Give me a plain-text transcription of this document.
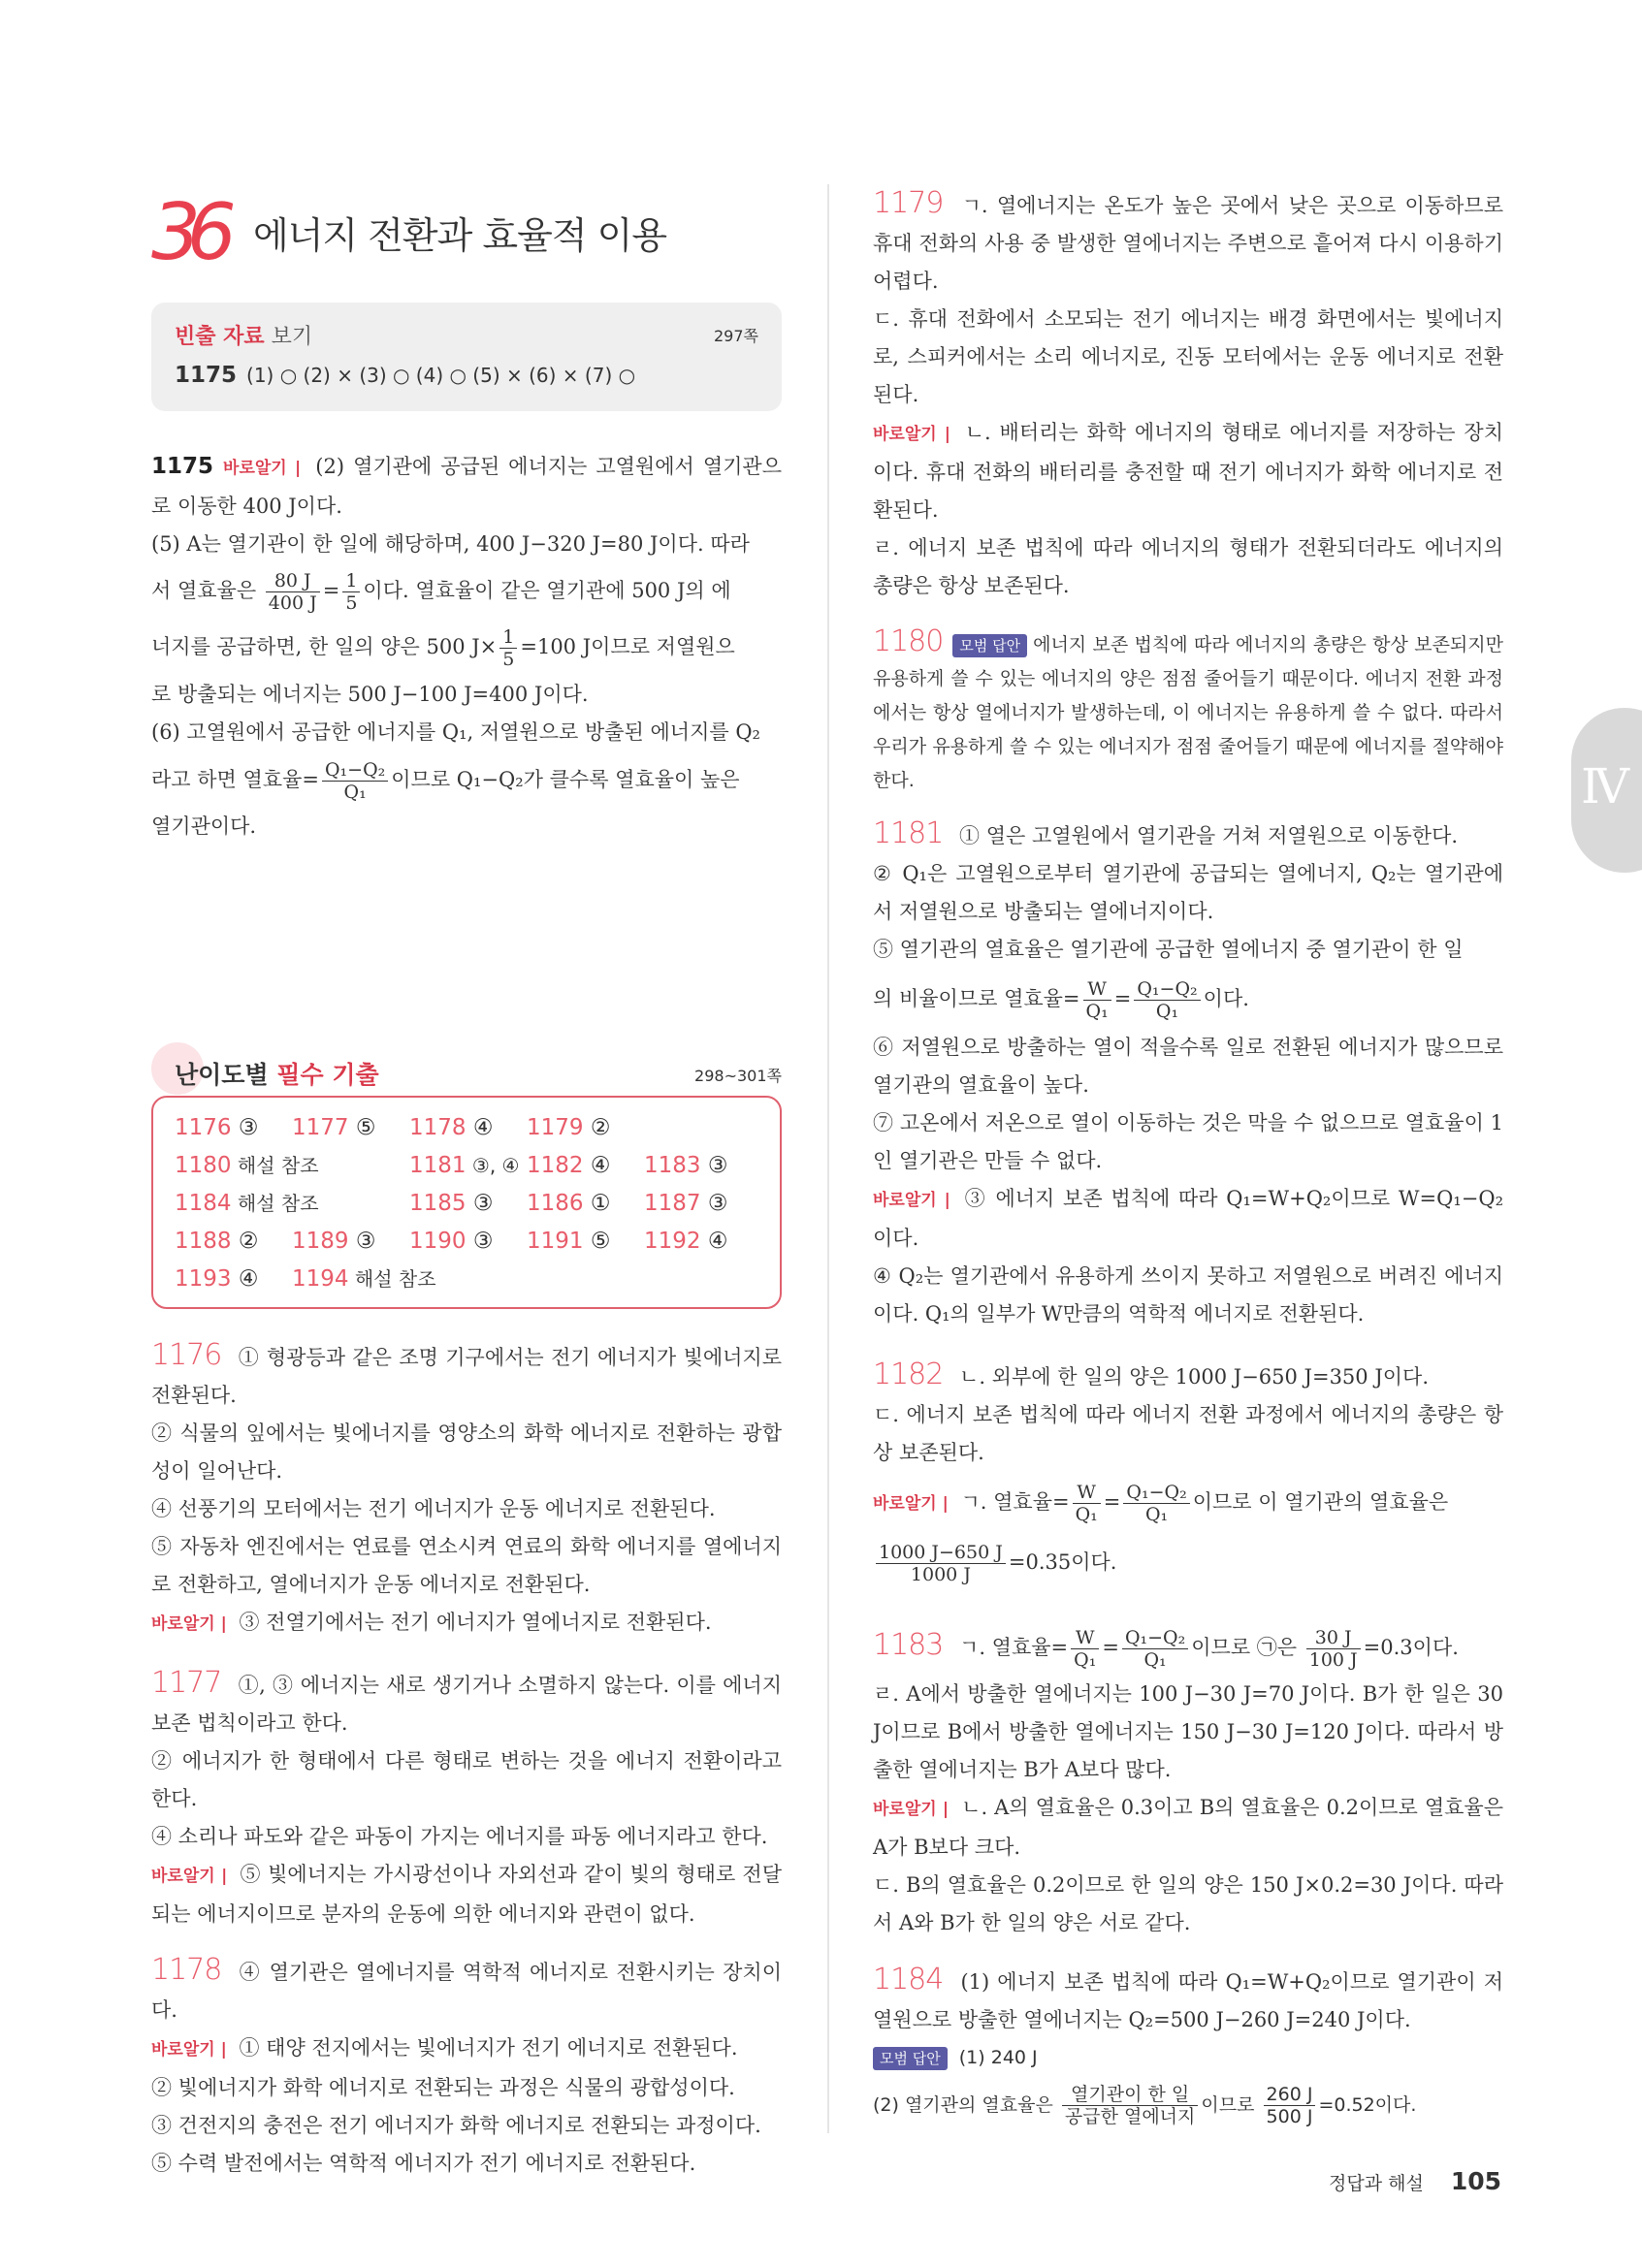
36 에너지 전환과 효율적 이용
빈출 자료 보기	297쪽
1175 (1) ○ (2) × (3) ○ (4) ○ (5) × (6) × (7) ○

1175 바로알기 | (2) 열기관에 공급된 에너지는 고열원에서 열기관으로 이동한 400 J이다.

(5) A는 열기관이 한 일에 해당하며, 400 J−320 J=80 J이다. 따라

서 열효율은 $\frac{80 J}{400 J} = \frac{1}{5}$ 이다. 열효율이 같은 열기관에 500 J의 에

너지를 공급하면, 한 일의 양은 500 $J\times \frac{1}{5} =100$ J이므로 저열원으

로 방출되는 에너지는 500 J−100 J=400 J이다.

(6) 고열원에서 공급한 에너지를 Q₁, 저열원으로 방출된 에너지를 Q₂

라고 하면 열효율= $\frac{\text{Q₁−Q₂}}{\text{Q₁}}$ 이므로 Q₁−Q₂가 클수록 열효율이 높은

열기관이다.

난이도별 필수 기출	298~301쪽
1176 ③ 1177 ⑤ 1178 ④ 1179 ②
1180 해설 참조	1181 ③, ④ 1182 ④ 1183 ③
1184 해설 참조	1185 ③ 1186 ① 1187 ③
1188 ② 1189 ③ 1190 ③ 1191 ⑤ 1192 ④
1193 ④ 1194 해설 참조

1176 ① 형광등과 같은 조명 기구에서는 전기 에너지가 빛에너지로 전환된다.

② 식물의 잎에서는 빛에너지를 영양소의 화학 에너지로 전환하는 광합성이 일어난다.

④ 선풍기의 모터에서는 전기 에너지가 운동 에너지로 전환된다.

⑤ 자동차 엔진에서는 연료를 연소시켜 연료의 화학 에너지를 열에너지로 전환하고, 열에너지가 운동 에너지로 전환된다.

바로알기 | ③ 전열기에서는 전기 에너지가 열에너지로 전환된다.

1177 ①, ③ 에너지는 새로 생기거나 소멸하지 않는다. 이를 에너지 보존 법칙이라고 한다.

② 에너지가 한 형태에서 다른 형태로 변하는 것을 에너지 전환이라고 한다.

④ 소리나 파도와 같은 파동이 가지는 에너지를 파동 에너지라고 한다.

바로알기 | ⑤ 빛에너지는 가시광선이나 자외선과 같이 빛의 형태로 전달되는 에너지이므로 분자의 운동에 의한 에너지와 관련이 없다.

1178 ④ 열기관은 열에너지를 역학적 에너지로 전환시키는 장치이다.

바로알기 | ① 태양 전지에서는 빛에너지가 전기 에너지로 전환된다.

② 빛에너지가 화학 에너지로 전환되는 과정은 식물의 광합성이다.

③ 건전지의 충전은 전기 에너지가 화학 에너지로 전환되는 과정이다.

⑤ 수력 발전에서는 역학적 에너지가 전기 에너지로 전환된다.

1179 ㄱ. 열에너지는 온도가 높은 곳에서 낮은 곳으로 이동하므로 휴대 전화의 사용 중 발생한 열에너지는 주변으로 흩어져 다시 이용하기 어렵다.

ㄷ. 휴대 전화에서 소모되는 전기 에너지는 배경 화면에서는 빛에너지로, 스피커에서는 소리 에너지로, 진동 모터에서는 운동 에너지로 전환된다.

바로알기 | ㄴ. 배터리는 화학 에너지의 형태로 에너지를 저장하는 장치이다. 휴대 전화의 배터리를 충전할 때 전기 에너지가 화학 에너지로 전환된다.

ㄹ. 에너지 보존 법칙에 따라 에너지의 형태가 전환되더라도 에너지의 총량은 항상 보존된다.

1180 모범 답안 에너지 보존 법칙에 따라 에너지의 총량은 항상 보존되지만 유용하게 쓸 수 있는 에너지의 양은 점점 줄어들기 때문이다. 에너지 전환 과정에서는 항상 열에너지가 발생하는데, 이 에너지는 유용하게 쓸 수 없다. 따라서 우리가 유용하게 쓸 수 있는 에너지가 점점 줄어들기 때문에 에너지를 절약해야 한다.

1181 ① 열은 고열원에서 열기관을 거쳐 저열원으로 이동한다.

② Q₁은 고열원으로부터 열기관에 공급되는 열에너지, Q₂는 열기관에서 저열원으로 방출되는 열에너지이다.

⑤ 열기관의 열효율은 열기관에 공급한 열에너지 중 열기관이 한 일

의 비율이므로 열효율= $\frac{W}{\text{Q₁}} = \frac{\text{Q₁−Q₂}}{\text{Q₁}}$ 이다.

⑥ 저열원으로 방출하는 열이 적을수록 일로 전환된 에너지가 많으므로 열기관의 열효율이 높다.

⑦ 고온에서 저온으로 열이 이동하는 것은 막을 수 없으므로 열효율이 1인 열기관은 만들 수 없다.

바로알기 | ③ 에너지 보존 법칙에 따라 Q₁=W+Q₂이므로 W=Q₁−Q₂이다.

④ Q₂는 열기관에서 유용하게 쓰이지 못하고 저열원으로 버려진 에너지이다. Q₁의 일부가 W만큼의 역학적 에너지로 전환된다.

1182 ㄴ. 외부에 한 일의 양은 1000 J−650 J=350 J이다.

ㄷ. 에너지 보존 법칙에 따라 에너지 전환 과정에서 에너지의 총량은 항상 보존된다.

바로알기 | ㄱ. 열효율= $\frac{W}{\text{Q₁}} = \frac{\text{Q₁−Q₂}}{\text{Q₁}}$ 이므로 이 열기관의 열효율은

$\frac{1000 J-650 J}{1000 J} =0.35$이다.

1183 ㄱ. 열효율= $\frac{W}{\text{Q₁}} = \frac{\text{Q₁−Q₂}}{\text{Q₁}}$ 이므로 ㉠은 $\frac{30 J}{100 J} =0.3$이다.

ㄹ. A에서 방출한 열에너지는 100 J−30 J=70 J이다. B가 한 일은 30 J이므로 B에서 방출한 열에너지는 150 J−30 J=120 J이다. 따라서 방출한 열에너지는 B가 A보다 많다.

바로알기 | ㄴ. A의 열효율은 0.3이고 B의 열효율은 0.2이므로 열효율은 A가 B보다 크다.

ㄷ. B의 열효율은 0.2이므로 한 일의 양은 150 J×0.2=30 J이다. 따라서 A와 B가 한 일의 양은 서로 같다.

1184 (1) 에너지 보존 법칙에 따라 Q₁=W+Q₂이므로 열기관이 저열원으로 방출한 열에너지는 Q₂=500 J−260 J=240 J이다.

모범 답안 (1) 240 J

(2) 열기관의 열효율은 $\frac{\text{열기관이 한 일}}{\text{공급한 열에너지}}$ 이므로 $\frac{260 J}{500 J} =0.52$이다.

Ⅳ
정답과 해설 105
